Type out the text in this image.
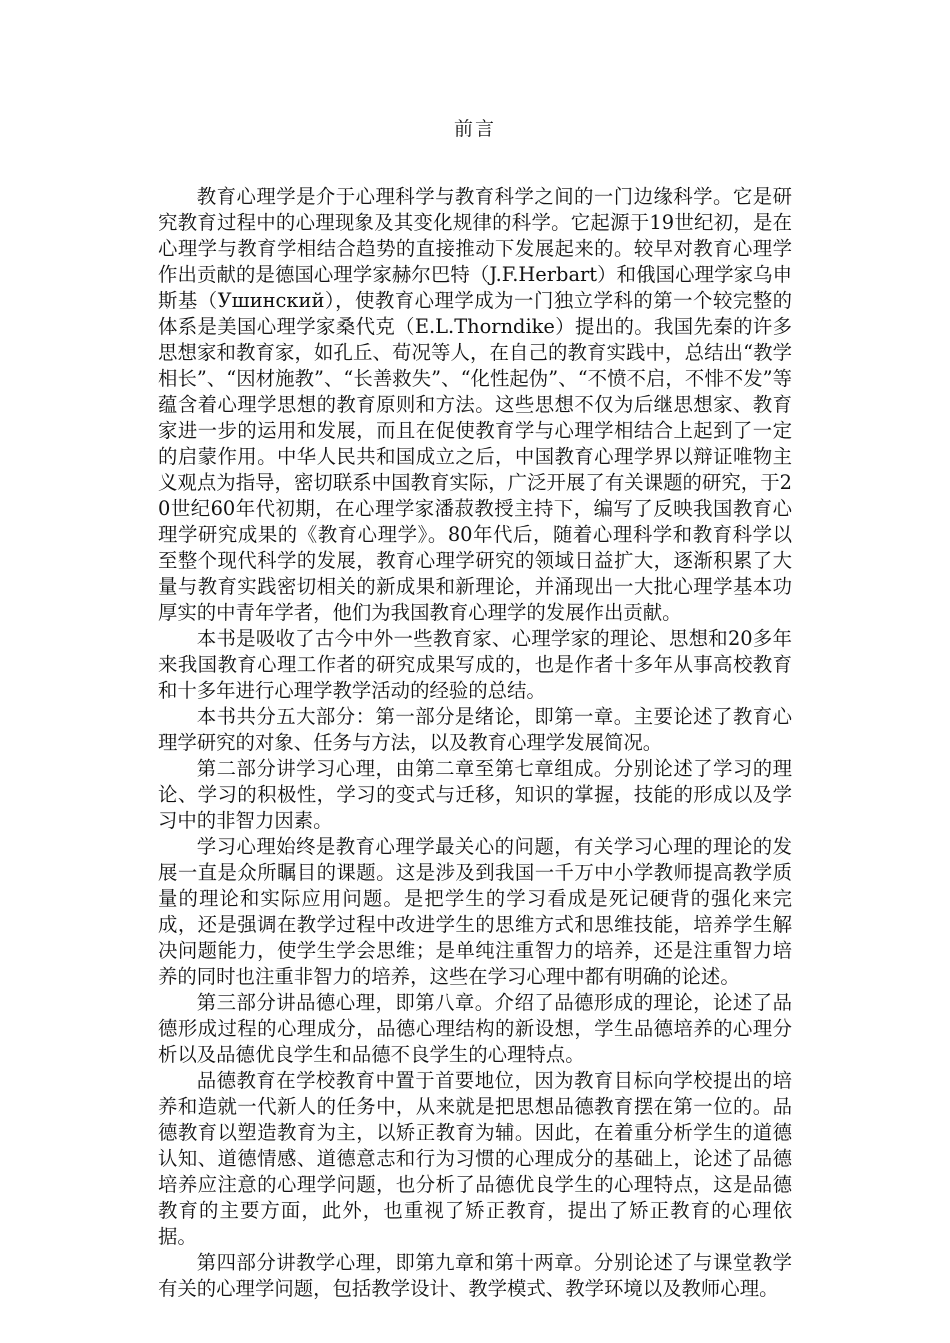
前言

教育心理学是介于心理科学与教育科学之间的一门边缘科学。它是研究教育过程中的心理现象及其变化规律的科学。它起源于19世纪初，是在心理学与教育学相结合趋势的直接推动下发展起来的。较早对教育心理学作出贡献的是德国心理学家赫尔巴特（J.F.Herbart）和俄国心理学家乌申斯基（Ушинский），使教育心理学成为一门独立学科的第一个较完整的体系是美国心理学家桑代克（E.L.Thorndike）提出的。我国先秦的许多思想家和教育家，如孔丘、荀况等人，在自己的教育实践中，总结出“教学相长”、“因材施教”、“长善救失”、“化性起伪”、“不愤不启，不悱不发”等蕴含着心理学思想的教育原则和方法。这些思想不仅为后继思想家、教育家进一步的运用和发展，而且在促使教育学与心理学相结合上起到了一定的启蒙作用。中华人民共和国成立之后，中国教育心理学界以辩证唯物主义观点为指导，密切联系中国教育实际，广泛开展了有关课题的研究，于20世纪60年代初期，在心理学家潘菽教授主持下，编写了反映我国教育心理学研究成果的《教育心理学》。80年代后，随着心理科学和教育科学以至整个现代科学的发展，教育心理学研究的领域日益扩大，逐渐积累了大量与教育实践密切相关的新成果和新理论，并涌现出一大批心理学基本功厚实的中青年学者，他们为我国教育心理学的发展作出贡献。

本书是吸收了古今中外一些教育家、心理学家的理论、思想和20多年来我国教育心理工作者的研究成果写成的，也是作者十多年从事高校教育和十多年进行心理学教学活动的经验的总结。

本书共分五大部分：第一部分是绪论，即第一章。主要论述了教育心理学研究的对象、任务与方法，以及教育心理学发展简况。

第二部分讲学习心理，由第二章至第七章组成。分别论述了学习的理论、学习的积极性，学习的变式与迁移，知识的掌握，技能的形成以及学习中的非智力因素。

学习心理始终是教育心理学最关心的问题，有关学习心理的理论的发展一直是众所瞩目的课题。这是涉及到我国一千万中小学教师提高教学质量的理论和实际应用问题。是把学生的学习看成是死记硬背的强化来完成，还是强调在教学过程中改进学生的思维方式和思维技能，培养学生解决问题能力，使学生学会思维；是单纯注重智力的培养，还是注重智力培养的同时也注重非智力的培养，这些在学习心理中都有明确的论述。

第三部分讲品德心理，即第八章。介绍了品德形成的理论，论述了品德形成过程的心理成分，品德心理结构的新设想，学生品德培养的心理分析以及品德优良学生和品德不良学生的心理特点。

品德教育在学校教育中置于首要地位，因为教育目标向学校提出的培养和造就一代新人的任务中，从来就是把思想品德教育摆在第一位的。品德教育以塑造教育为主，以矫正教育为辅。因此，在着重分析学生的道德认知、道德情感、道德意志和行为习惯的心理成分的基础上，论述了品德培养应注意的心理学问题，也分析了品德优良学生的心理特点，这是品德教育的主要方面，此外，也重视了矫正教育，提出了矫正教育的心理依据。

第四部分讲教学心理，即第九章和第十两章。分别论述了与课堂教学有关的心理学问题，包括教学设计、教学模式、教学环境以及教师心理。
